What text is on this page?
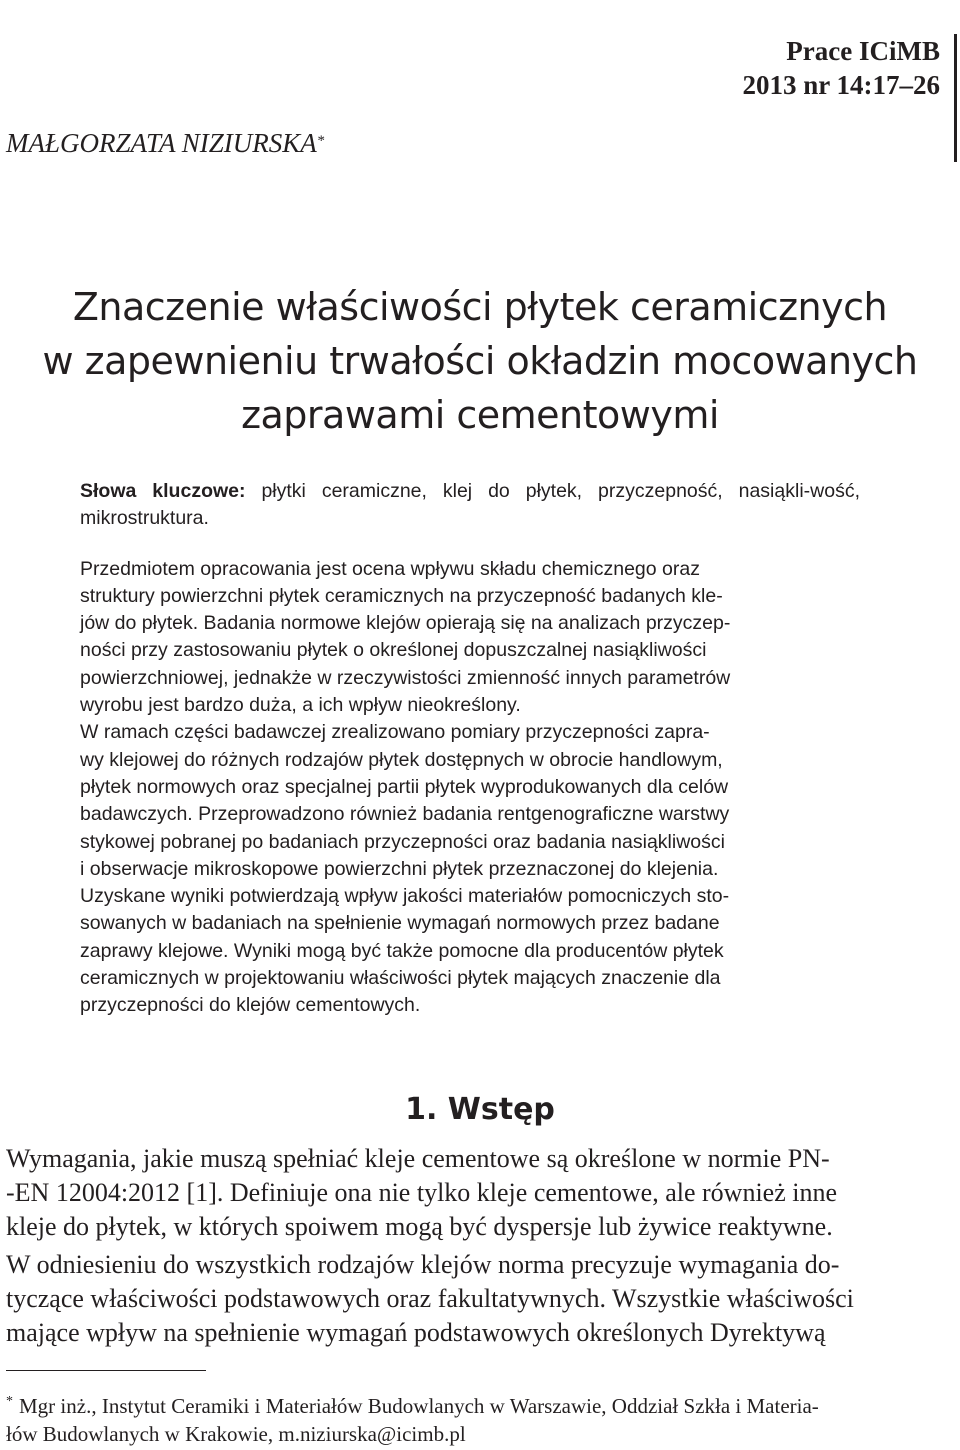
Prace ICiMB
2013 nr 14:17–26
MAŁGORZATA NIZIURSKA*
Znaczenie właściwości płytek ceramicznych
w zapewnieniu trwałości okładzin mocowanych
zaprawami cementowymi

Słowa kluczowe: płytki ceramiczne, klej do płytek, przyczepność, nasiąkli-wość, mikrostruktura.

Przedmiotem opracowania jest ocena wpływu składu chemicznego oraz
struktury powierzchni płytek ceramicznych na przyczepność badanych kle-
jów do płytek. Badania normowe klejów opierają się na analizach przyczep-
ności przy zastosowaniu płytek o określonej dopuszczalnej nasiąkliwości
powierzchniowej, jednakże w rzeczywistości zmienność innych parametrów
wyrobu jest bardzo duża, a ich wpływ nieokreślony.
W ramach części badawczej zrealizowano pomiary przyczepności zapra-
wy klejowej do różnych rodzajów płytek dostępnych w obrocie handlowym,
płytek normowych oraz specjalnej partii płytek wyprodukowanych dla celów
badawczych. Przeprowadzono również badania rentgenograficzne warstwy
stykowej pobranej po badaniach przyczepności oraz badania nasiąkliwości
i obserwacje mikroskopowe powierzchni płytek przeznaczonej do klejenia.
Uzyskane wyniki potwierdzają wpływ jakości materiałów pomocniczych sto-
sowanych w badaniach na spełnienie wymagań normowych przez badane
zaprawy klejowe. Wyniki mogą być także pomocne dla producentów płytek
ceramicznych w projektowaniu właściwości płytek mających znaczenie dla
przyczepności do klejów cementowych.

1. Wstęp

Wymagania, jakie muszą spełniać kleje cementowe są określone w normie PN-
-EN 12004:2012 [1]. Definiuje ona nie tylko kleje cementowe, ale również inne
kleje do płytek, w których spoiwem mogą być dyspersje lub żywice reaktywne.

W odniesieniu do wszystkich rodzajów klejów norma precyzuje wymagania do-
tyczące właściwości podstawowych oraz fakultatywnych. Wszystkie właściwości
mające wpływ na spełnienie wymagań podstawowych określonych Dyrektywą

* Mgr inż., Instytut Ceramiki i Materiałów Budowlanych w Warszawie, Oddział Szkła i Materia-
łów Budowlanych w Krakowie, m.niziurska@icimb.pl
